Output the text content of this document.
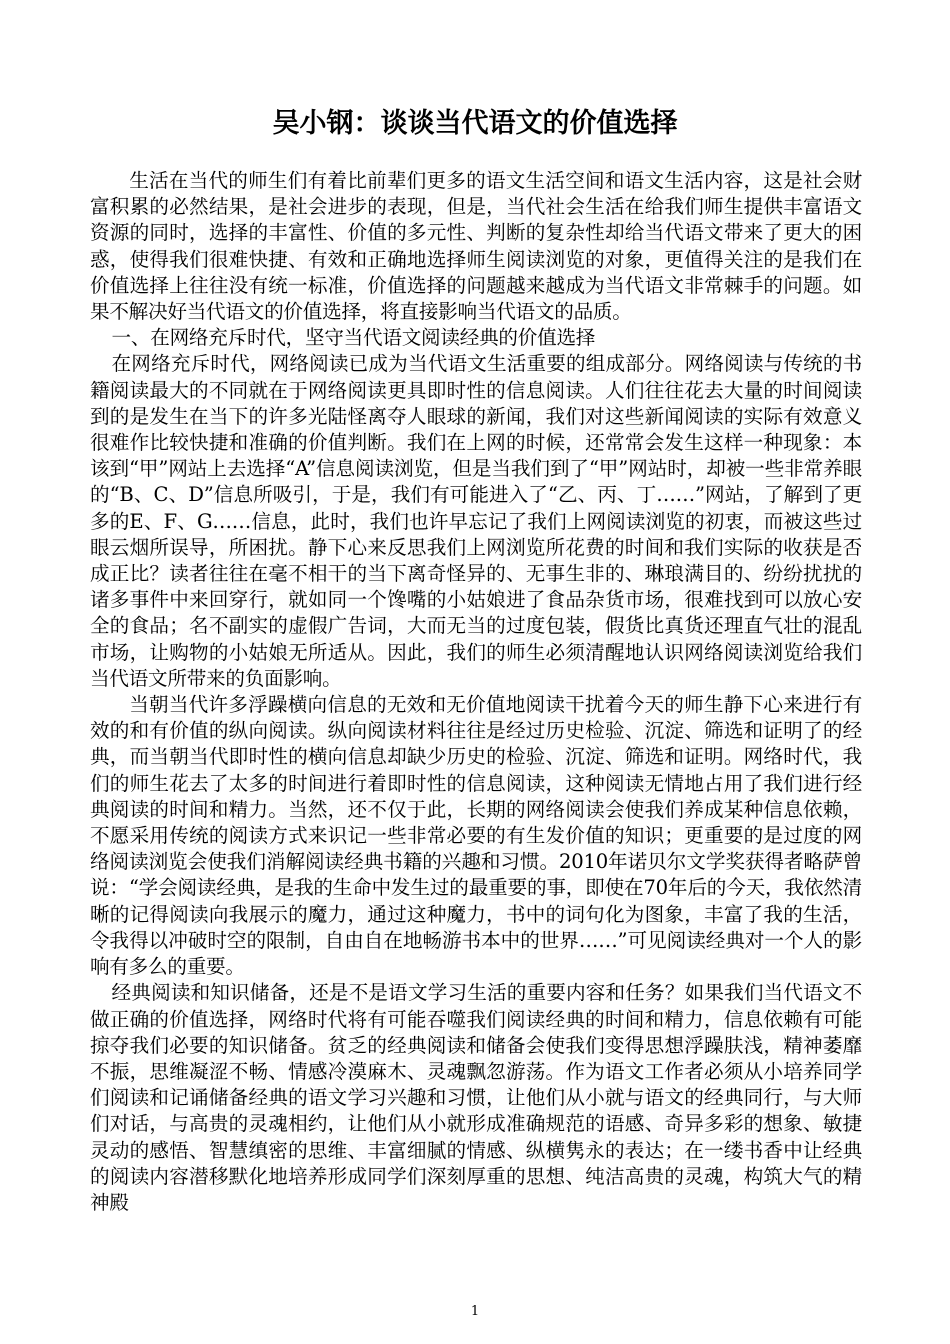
吴小钢：谈谈当代语文的价值选择

生活在当代的师生们有着比前辈们更多的语文生活空间和语文生活内容，这是社会财富积累的必然结果，是社会进步的表现，但是，当代社会生活在给我们师生提供丰富语文资源的同时，选择的丰富性、价值的多元性、判断的复杂性却给当代语文带来了更大的困惑，使得我们很难快捷、有效和正确地选择师生阅读浏览的对象，更值得关注的是我们在价值选择上往往没有统一标准，价值选择的问题越来越成为当代语文非常棘手的问题。如果不解决好当代语文的价值选择，将直接影响当代语文的品质。

一、在网络充斥时代，坚守当代语文阅读经典的价值选择

在网络充斥时代，网络阅读已成为当代语文生活重要的组成部分。网络阅读与传统的书籍阅读最大的不同就在于网络阅读更具即时性的信息阅读。人们往往花去大量的时间阅读到的是发生在当下的许多光陆怪离夺人眼球的新闻，我们对这些新闻阅读的实际有效意义很难作比较快捷和准确的价值判断。我们在上网的时候，还常常会发生这样一种现象：本该到“甲”网站上去选择“A”信息阅读浏览，但是当我们到了“甲”网站时，却被一些非常养眼的“B、C、D”信息所吸引，于是，我们有可能进入了“乙、丙、丁……”网站，了解到了更多的E、F、G……信息，此时，我们也许早忘记了我们上网阅读浏览的初衷，而被这些过眼云烟所误导，所困扰。静下心来反思我们上网浏览所花费的时间和我们实际的收获是否成正比？读者往往在毫不相干的当下离奇怪异的、无事生非的、琳琅满目的、纷纷扰扰的诸多事件中来回穿行，就如同一个馋嘴的小姑娘进了食品杂货市场，很难找到可以放心安全的食品；名不副实的虚假广告词，大而无当的过度包装，假货比真货还理直气壮的混乱市场，让购物的小姑娘无所适从。因此，我们的师生必须清醒地认识网络阅读浏览给我们当代语文所带来的负面影响。

当朝当代许多浮躁横向信息的无效和无价值地阅读干扰着今天的师生静下心来进行有效的和有价值的纵向阅读。纵向阅读材料往往是经过历史检验、沉淀、筛选和证明了的经典，而当朝当代即时性的横向信息却缺少历史的检验、沉淀、筛选和证明。网络时代，我们的师生花去了太多的时间进行着即时性的信息阅读，这种阅读无情地占用了我们进行经典阅读的时间和精力。当然，还不仅于此，长期的网络阅读会使我们养成某种信息依赖，不愿采用传统的阅读方式来识记一些非常必要的有生发价值的知识；更重要的是过度的网络阅读浏览会使我们消解阅读经典书籍的兴趣和习惯。2010年诺贝尔文学奖获得者略萨曾说：“学会阅读经典，是我的生命中发生过的最重要的事，即使在70年后的今天，我依然清晰的记得阅读向我展示的魔力，通过这种魔力，书中的词句化为图象，丰富了我的生活，令我得以冲破时空的限制，自由自在地畅游书本中的世界……”可见阅读经典对一个人的影响有多么的重要。

经典阅读和知识储备，还是不是语文学习生活的重要内容和任务？如果我们当代语文不做正确的价值选择，网络时代将有可能吞噬我们阅读经典的时间和精力，信息依赖有可能掠夺我们必要的知识储备。贫乏的经典阅读和储备会使我们变得思想浮躁肤浅，精神萎靡不振，思维凝涩不畅、情感冷漠麻木、灵魂飘忽游荡。作为语文工作者必须从小培养同学们阅读和记诵储备经典的语文学习兴趣和习惯，让他们从小就与语文的经典同行，与大师们对话，与高贵的灵魂相约，让他们从小就形成准确规范的语感、奇异多彩的想象、敏捷灵动的感悟、智慧缜密的思维、丰富细腻的情感、纵横隽永的表达；在一缕书香中让经典的阅读内容潜移默化地培养形成同学们深刻厚重的思想、纯洁高贵的灵魂，构筑大气的精神殿

1
